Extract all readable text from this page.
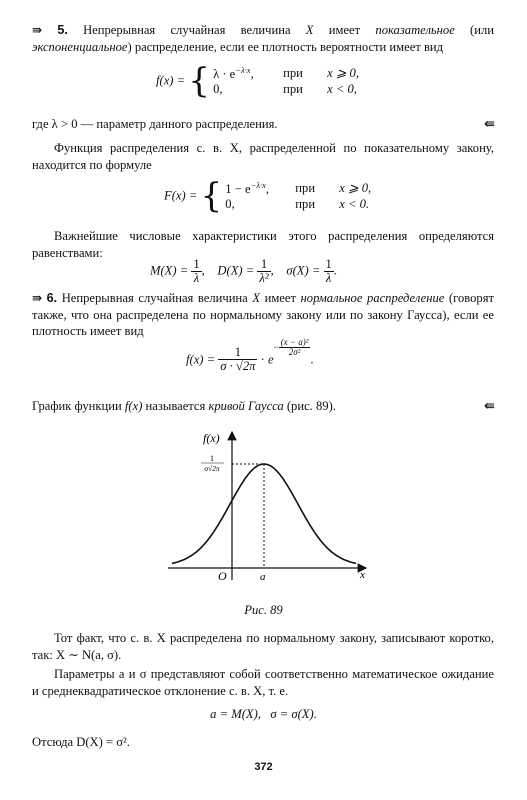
⇛ 5. Непрерывная случайная величина X имеет показательное (или экспоненциальное) распределение, если ее плотность вероятности имеет вид
f(x) = { $\lambda \cdot e^{-\lambda\cdot x}$,	при	x ⩾ 0,
0,	при	x < 0,
где λ > 0 — параметр данного распределения.	⇚
Функция распределения с. в. X, распределенной по показательному закону, находится по формуле
F(x) = { $1 - e^{-\lambda\cdot x}$,	при	x ⩾ 0,
0,	при	x < 0.
Важнейшие числовые характеристики этого распределения определяются равенствами:
$M(X) = \frac{1}{\lambda}$ , $D(X) = \frac{1}{\text{λ²}}$ , $\sigma(X) = \frac{1}{\lambda}$ .
⇛ 6. Непрерывная случайная величина X имеет нормальное распределение (говорят также, что она распределена по нормальному закону или по закону Гаусса), если ее плотность имеет вид
$f(x) = \frac{1}{\sigma \cdot √2\pi} \cdot e- \frac{\text{(x − a)²}}{\text{2σ²}}$
.
График функции f(x) называется кривой Гаусса (рис. 89).	⇚
f(x)
1
σ√2π
O	a	x
Рис. 89
Тот факт, что с. в. X распределена по нормальному закону, записывают коротко, так: X ∼ N(a, σ).
Параметры a и σ представляют собой соответственно математическое ожидание и среднеквадратическое отклонение с. в. X, т. е.
a = M(X),   σ = σ(X).
Отсюда D(X) = σ².
372
